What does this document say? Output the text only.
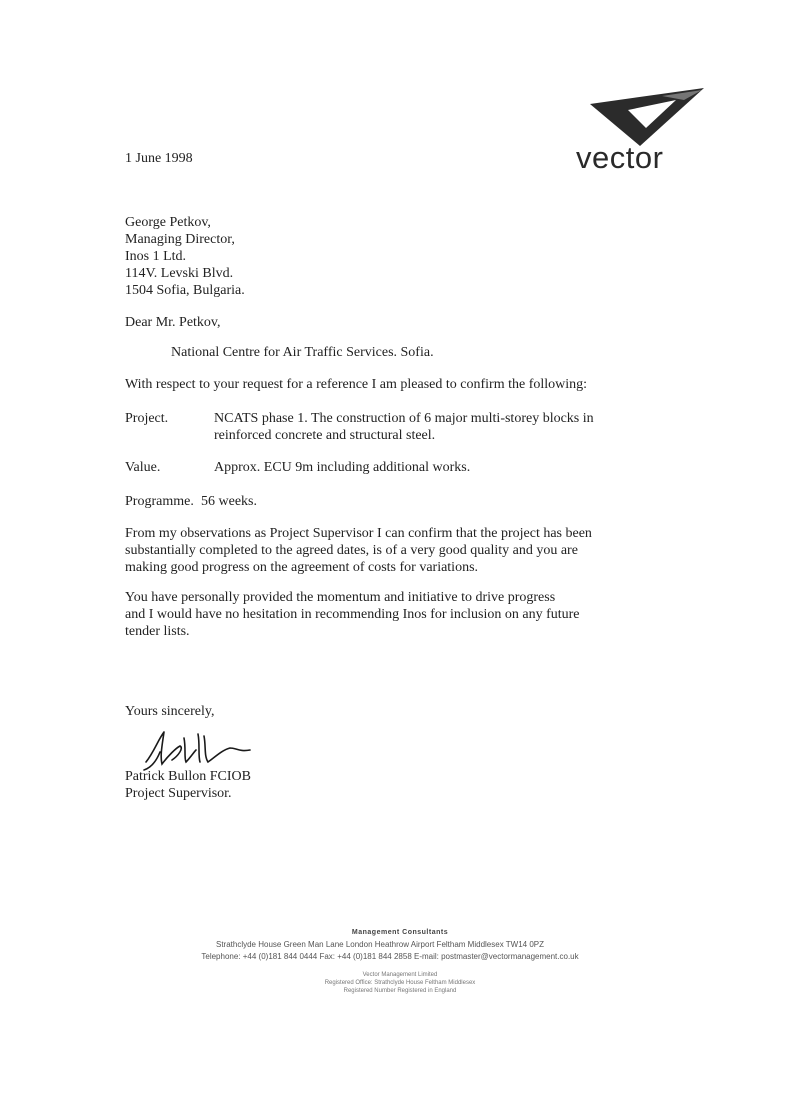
vector
1 June 1998
George Petkov,
Managing Director,
Inos 1 Ltd.
114V. Levski Blvd.
1504 Sofia, Bulgaria.
Dear Mr. Petkov,
National Centre for Air Traffic Services. Sofia.
With respect to your request for a reference I am pleased to confirm the following:
Project.	NCATS phase 1. The construction of 6 major multi-storey blocks in
reinforced concrete and structural steel.
Value.	Approx. ECU 9m including additional works.
Programme. 56 weeks.
From my observations as Project Supervisor I can confirm that the project has been
substantially completed to the agreed dates, is of a very good quality and you are
making good progress on the agreement of costs for variations.
You have personally provided the momentum and initiative to drive progress
and I would have no hesitation in recommending Inos for inclusion on any future
tender lists.
Yours sincerely,
Patrick Bullon FCIOB
Project Supervisor.
Management Consultants
Strathclyde House Green Man Lane London Heathrow Airport Feltham Middlesex TW14 0PZ
Telephone: +44 (0)181 844 0444 Fax: +44 (0)181 844 2858 E-mail: postmaster@vectormanagement.co.uk
Vector Management Limited
Registered Office: Strathclyde House Feltham Middlesex
Registered Number Registered in England
